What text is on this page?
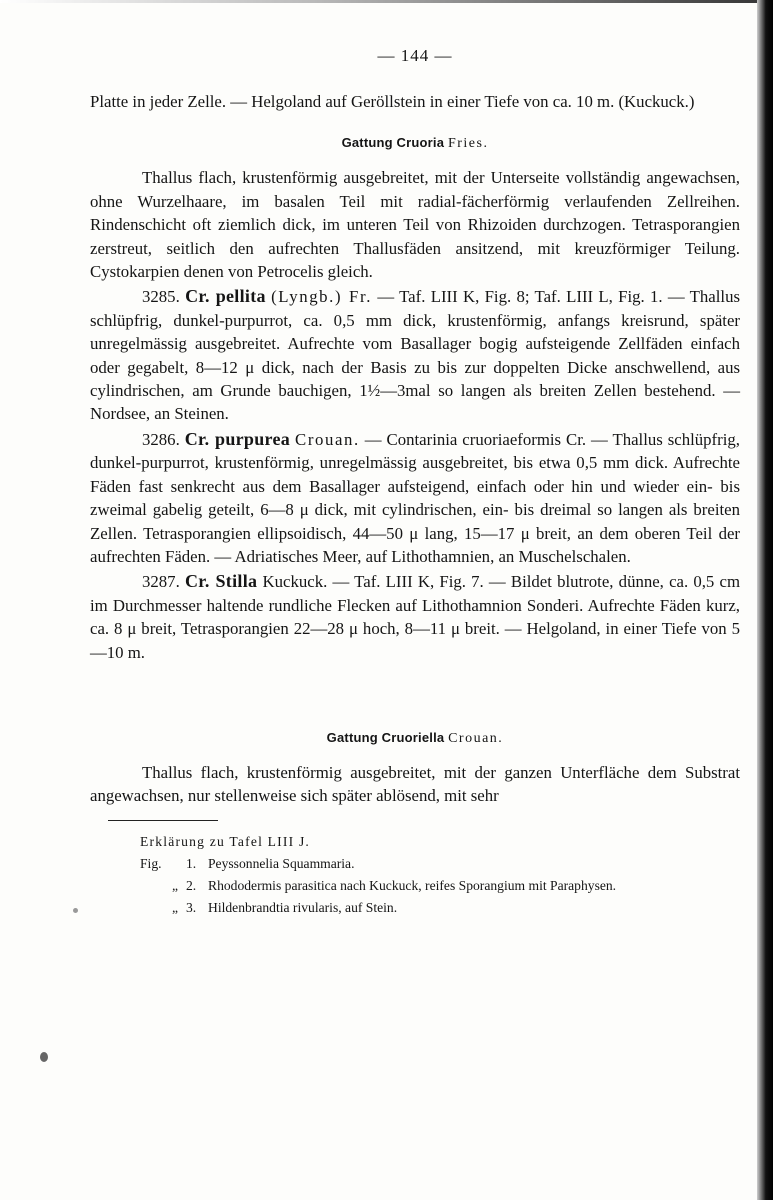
— 144 —

Platte in jeder Zelle. — Helgoland auf Geröllstein in einer Tiefe von ca. 10 m. (Kuckuck.)

Gattung Cruoria Fries.

Thallus flach, krustenförmig ausgebreitet, mit der Unterseite vollständig angewachsen, ohne Wurzelhaare, im basalen Teil mit radial-fächerförmig verlaufenden Zellreihen. Rindenschicht oft ziemlich dick, im unteren Teil von Rhizoiden durchzogen. Tetrasporangien zerstreut, seitlich den aufrechten Thallusfäden ansitzend, mit kreuzförmiger Teilung. Cystokarpien denen von Petrocelis gleich.

3285. Cr. pellita (Lyngb.) Fr. — Taf. LIII K, Fig. 8; Taf. LIII L, Fig. 1. — Thallus schlüpfrig, dunkel-purpurrot, ca. 0,5 mm dick, krustenförmig, anfangs kreisrund, später unregelmässig ausgebreitet. Aufrechte vom Basallager bogig aufsteigende Zellfäden einfach oder gegabelt, 8—12 μ dick, nach der Basis zu bis zur doppelten Dicke anschwellend, aus cylindrischen, am Grunde bauchigen, 1½—3mal so langen als breiten Zellen bestehend. — Nordsee, an Steinen.

3286. Cr. purpurea Crouan. — Contarinia cruoriaeformis Cr. — Thallus schlüpfrig, dunkel-purpurrot, krustenförmig, unregelmässig ausgebreitet, bis etwa 0,5 mm dick. Aufrechte Fäden fast senkrecht aus dem Basallager aufsteigend, einfach oder hin und wieder ein- bis zweimal gabelig geteilt, 6—8 μ dick, mit cylindrischen, ein- bis dreimal so langen als breiten Zellen. Tetrasporangien ellipsoidisch, 44—50 μ lang, 15—17 μ breit, an dem oberen Teil der aufrechten Fäden. — Adriatisches Meer, auf Lithothamnien, an Muschelschalen.

3287. Cr. Stilla Kuckuck. — Taf. LIII K, Fig. 7. — Bildet blutrote, dünne, ca. 0,5 cm im Durchmesser haltende rundliche Flecken auf Lithothamnion Sonderi. Aufrechte Fäden kurz, ca. 8 μ breit, Tetrasporangien 22—28 μ hoch, 8—11 μ breit. — Helgoland, in einer Tiefe von 5—10 m.

Gattung Cruoriella Crouan.

Thallus flach, krustenförmig ausgebreitet, mit der ganzen Unterfläche dem Substrat angewachsen, nur stellenweise sich später ablösend, mit sehr

Erklärung zu Tafel LIII J.
Fig.	1. Peyssonnelia Squammaria.
„ 2. Rhododermis parasitica nach Kuckuck, reifes Sporangium mit Paraphysen.
„ 3. Hildenbrandtia rivularis, auf Stein.
